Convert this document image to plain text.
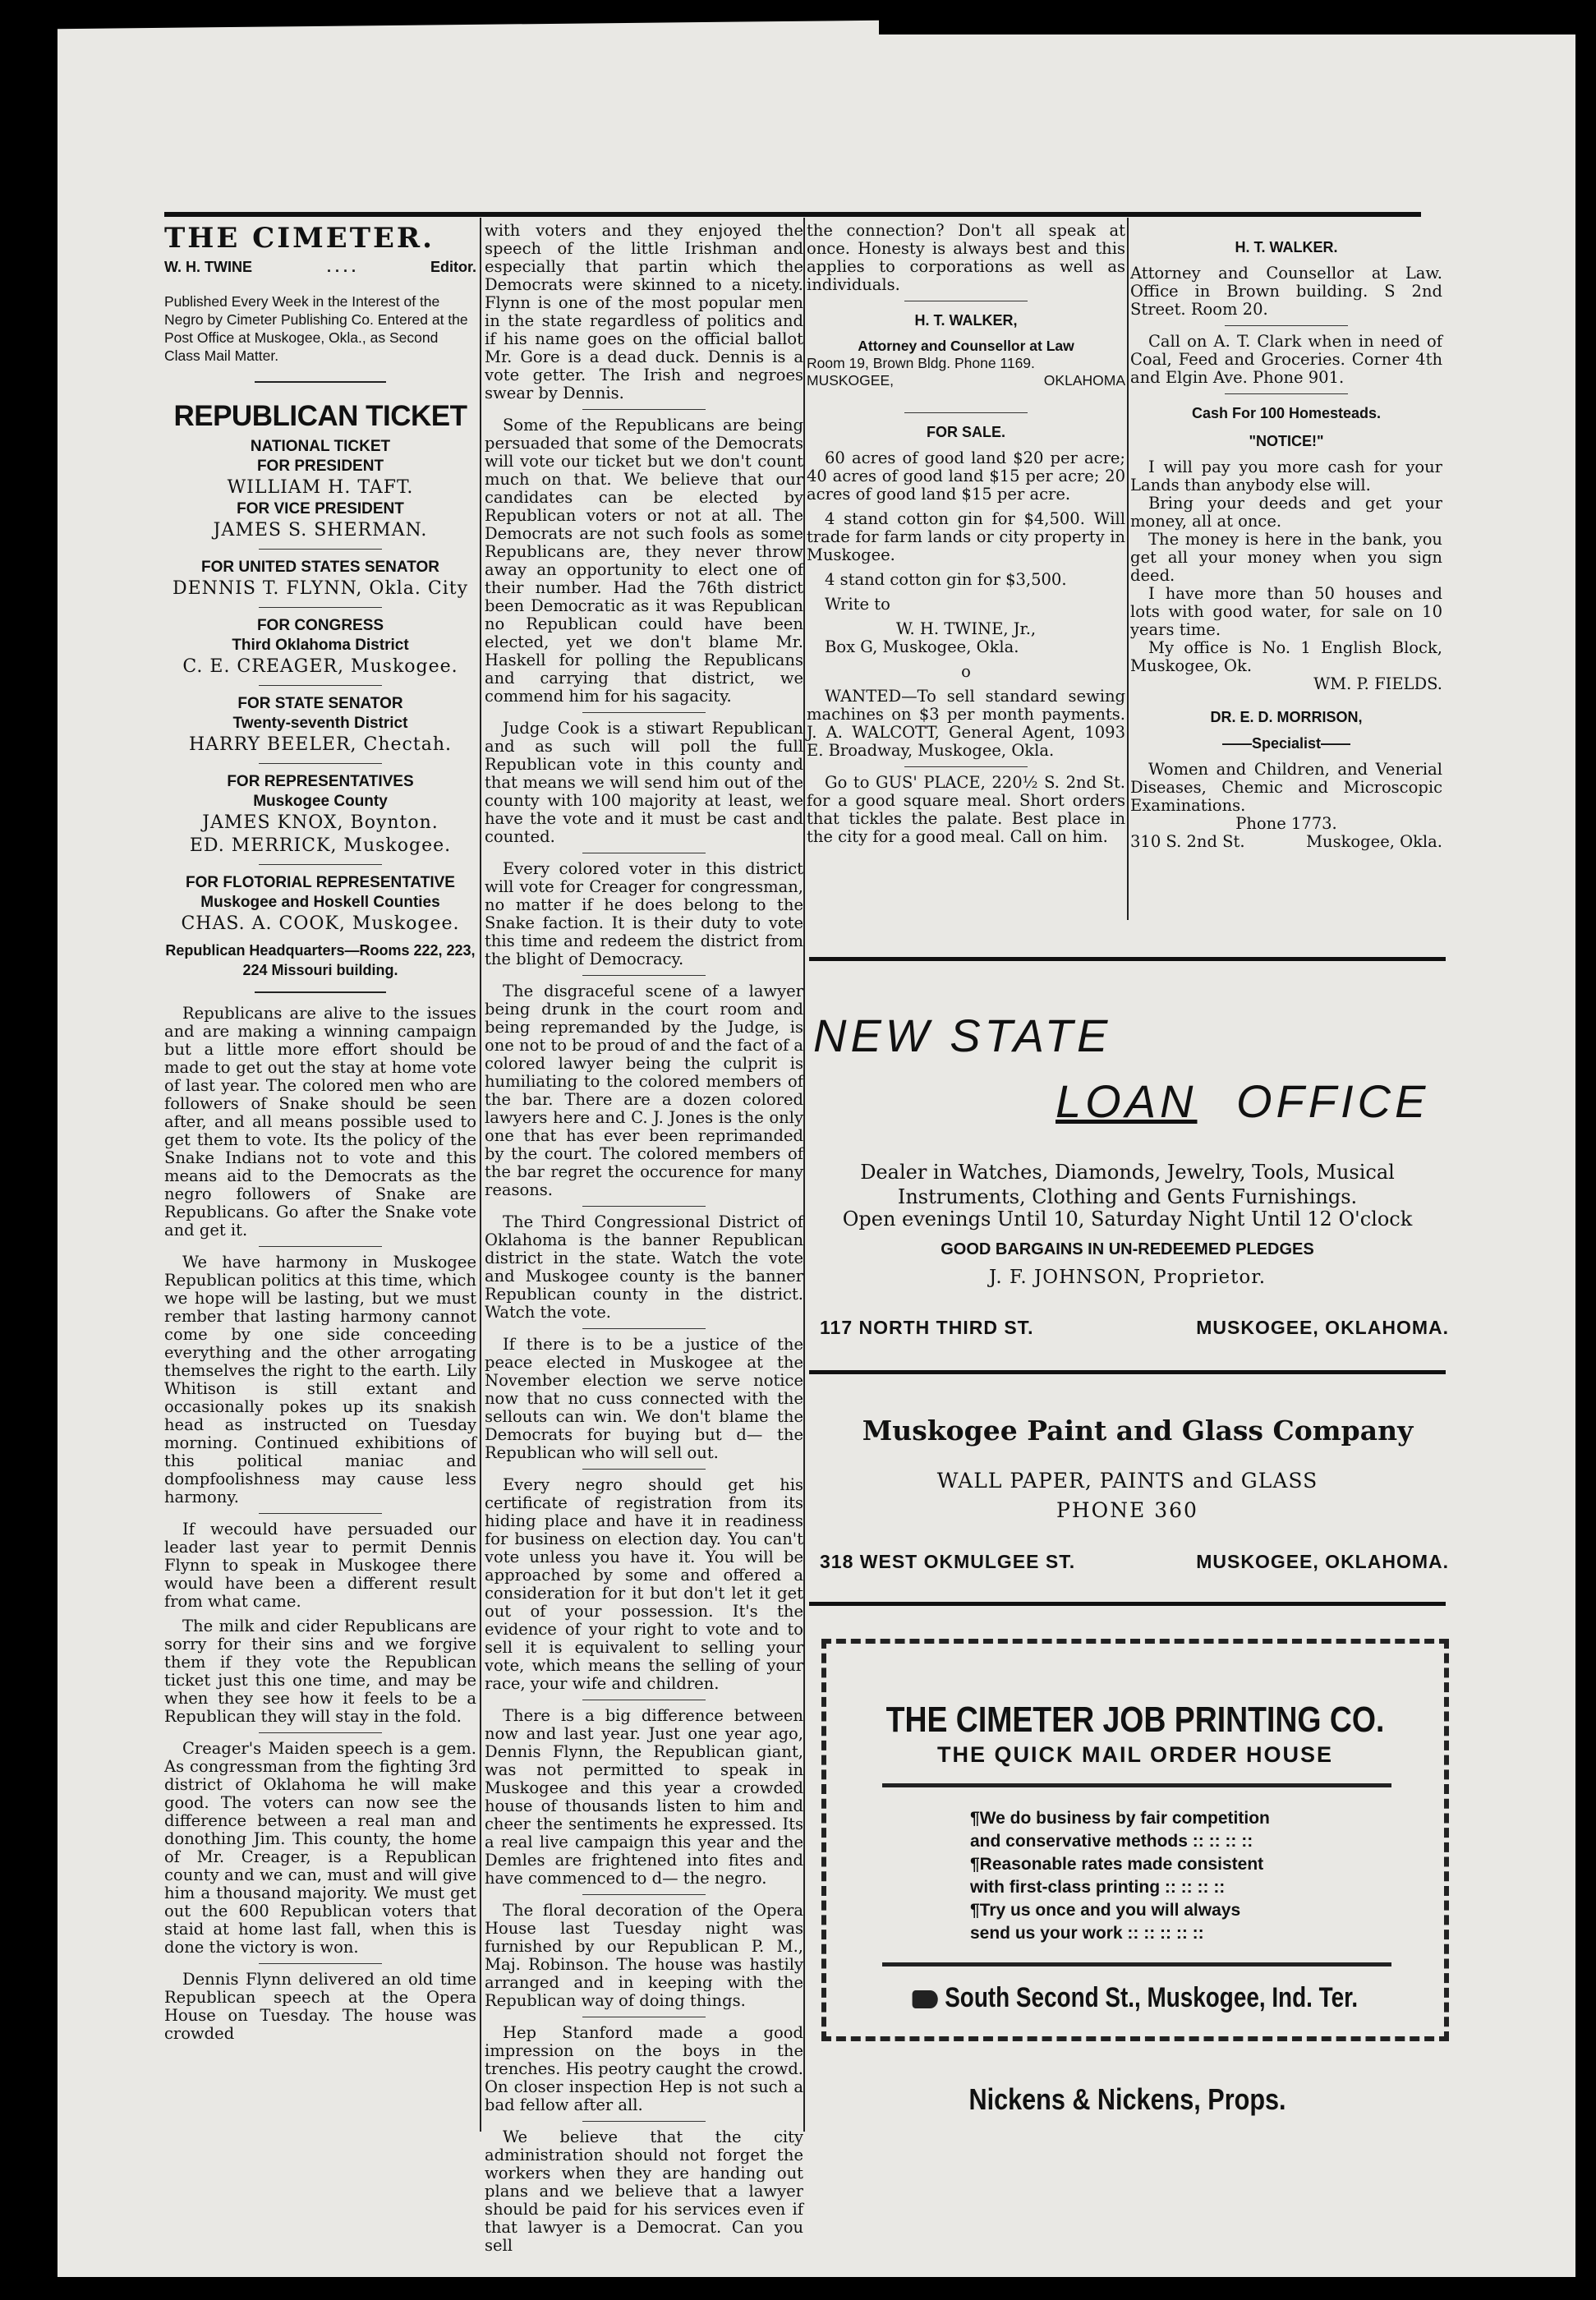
THE CIMETER.
W. H. TWINE	. . . .	Editor.
Published Every Week in the Interest of the Negro by Cimeter Publishing Co. Entered at the Post Office at Muskogee, Okla., as Second Class Mail Matter.
REPUBLICAN TICKET
NATIONAL TICKET
FOR PRESIDENT
WILLIAM H. TAFT.
FOR VICE PRESIDENT
JAMES S. SHERMAN.
FOR UNITED STATES SENATOR
DENNIS T. FLYNN, Okla. City
FOR CONGRESS
Third Oklahoma District
C. E. CREAGER, Muskogee.
FOR STATE SENATOR
Twenty-seventh District
HARRY BEELER, Chectah.
FOR REPRESENTATIVES
Muskogee County
JAMES KNOX, Boynton.
ED. MERRICK, Muskogee.
FOR FLOTORIAL REPRESENTATIVE
Muskogee and Hoskell Counties
CHAS. A. COOK, Muskogee.
Republican Headquarters—Rooms 222, 223, 224 Missouri building.

Republicans are alive to the issues and are making a winning campaign but a little more effort should be made to get out the stay at home vote of last year. The colored men who are followers of Snake should be seen after, and all means possible used to get them to vote. Its the policy of the Snake Indians not to vote and this means aid to the Democrats as the negro followers of Snake are Republicans. Go after the Snake vote and get it.

We have harmony in Muskogee Republican politics at this time, which we hope will be lasting, but we must rember that lasting harmony cannot come by one side conceeding everything and the other arrogating themselves the right to the earth. Lily Whitison is still extant and occasionally pokes up its snakish head as instructed on Tuesday morning. Continued exhibitions of this political maniac and dompfoolishness may cause less harmony.

If wecould have persuaded our leader last year to permit Dennis Flynn to speak in Muskogee there would have been a different result from what came.

The milk and cider Republicans are sorry for their sins and we forgive them if they vote the Republican ticket just this one time, and may be when they see how it feels to be a Republican they will stay in the fold.

Creager's Maiden speech is a gem. As congressman from the fighting 3rd district of Oklahoma he will make good. The voters can now see the difference between a real man and donothing Jim. This county, the home of Mr. Creager, is a Republican county and we can, must and will give him a thousand majority. We must get out the 600 Republican voters that staid at home last fall, when this is done the victory is won.

Dennis Flynn delivered an old time Republican speech at the Opera House on Tuesday. The house was crowded

with voters and they enjoyed the speech of the little Irishman and especially that partin which the Democrats were skinned to a nicety. Flynn is one of the most popular men in the state regardless of politics and if his name goes on the official ballot Mr. Gore is a dead duck. Dennis is a vote getter. The Irish and negroes swear by Dennis.

Some of the Republicans are being persuaded that some of the Democrats will vote our ticket but we don't count much on that. We believe that our candidates can be elected by Republican voters or not at all. The Democrats are not such fools as some Republicans are, they never throw away an opportunity to elect one of their number. Had the 76th district been Democratic as it was Republican no Republican could have been elected, yet we don't blame Mr. Haskell for polling the Republicans and carrying that district, we commend him for his sagacity.

Judge Cook is a stiwart Republican and as such will poll the full Republican vote in this county and that means we will send him out of the county with 100 majority at least, we have the vote and it must be cast and counted.

Every colored voter in this district will vote for Creager for congressman, no matter if he does belong to the Snake faction. It is their duty to vote this time and redeem the district from the blight of Democracy.

The disgraceful scene of a lawyer being drunk in the court room and being repremanded by the Judge, is one not to be proud of and the fact of a colored lawyer being the culprit is humiliating to the colored members of the bar. There are a dozen colored lawyers here and C. J. Jones is the only one that has ever been reprimanded by the court. The colored members of the bar regret the occurence for many reasons.

The Third Congressional District of Oklahoma is the banner Republican district in the state. Watch the vote and Muskogee county is the banner Republican county in the district. Watch the vote.

If there is to be a justice of the peace elected in Muskogee at the November election we serve notice now that no cuss connected with the sellouts can win. We don't blame the Democrats for buying but d— the Republican who will sell out.

Every negro should get his certificate of registration from its hiding place and have it in readiness for business on election day. You can't vote unless you have it. You will be approached by some and offered a consideration for it but don't let it get out of your possession. It's the evidence of your right to vote and to sell it is equivalent to selling your vote, which means the selling of your race, your wife and children.

There is a big difference between now and last year. Just one year ago, Dennis Flynn, the Republican giant, was not permitted to speak in Muskogee and this year a crowded house of thousands listen to him and cheer the sentiments he expressed. Its a real live campaign this year and the Demles are frightened into fites and have commenced to d— the negro.

The floral decoration of the Opera House last Tuesday night was furnished by our Republican P. M., Maj. Robinson. The house was hastily arranged and in keeping with the Republican way of doing things.

Hep Stanford made a good impression on the boys in the trenches. His peotry caught the crowd. On closer inspection Hep is not such a bad fellow after all.

We believe that the city administration should not forget the workers when they are handing out plans and we believe that a lawyer should be paid for his services even if that lawyer is a Democrat. Can you sell

the connection? Don't all speak at once. Honesty is always best and this applies to corporations as well as individuals.

H. T. WALKER,
Attorney and Counsellor at Law
Room 19, Brown Bldg. Phone 1169.
MUSKOGEE,	OKLAHOMA
FOR SALE.

60 acres of good land $20 per acre; 40 acres of good land $15 per acre; 20 acres of good land $15 per acre.

4 stand cotton gin for $4,500. Will trade for farm lands or city property in Muskogee.

4 stand cotton gin for $3,500.

Write to

W. H. TWINE, Jr.,

Box G, Muskogee, Okla.

o

WANTED—To sell standard sewing machines on $3 per month payments. J. A. WALCOTT, General Agent, 1093 E. Broadway, Muskogee, Okla.

Go to GUS' PLACE, 220½ S. 2nd St. for a good square meal. Short orders that tickles the palate. Best place in the city for a good meal. Call on him.

H. T. WALKER.

Attorney and Counsellor at Law. Office in Brown building. S 2nd Street. Room 20.

Call on A. T. Clark when in need of Coal, Feed and Groceries. Corner 4th and Elgin Ave. Phone 901.

Cash For 100 Homesteads.
"NOTICE!"

I will pay you more cash for your Lands than anybody else will.

Bring your deeds and get your money, all at once.

The money is here in the bank, you get all your money when you sign deed.

I have more than 50 houses and lots with good water, for sale on 10 years time.

My office is No. 1 English Block, Muskogee, Ok.

WM. P. FIELDS.
DR. E. D. MORRISON,
——Specialist——

Women and Children, and Venerial Diseases, Chemic and Microscopic Examinations.

Phone 1773.
310 S. 2nd St.	Muskogee, Okla.
NEW STATE
LOAN OFFICE
Dealer in Watches, Diamonds, Jewelry, Tools, Musical Instruments, Clothing and Gents Furnishings.
Open evenings Until 10, Saturday Night Until 12 O'clock
GOOD BARGAINS IN UN-REDEEMED PLEDGES
J. F. JOHNSON, Proprietor.
117 NORTH THIRD ST.	MUSKOGEE, OKLAHOMA.
Muskogee Paint and Glass Company
WALL PAPER, PAINTS and GLASS
PHONE 360
318 WEST OKMULGEE ST.	MUSKOGEE, OKLAHOMA.
THE CIMETER JOB PRINTING CO.
THE QUICK MAIL ORDER HOUSE
¶We do business by fair competition
and conservative methods :: :: :: ::
¶Reasonable rates made consistent
with first-class printing :: :: :: ::
¶Try us once and you will always
send us your work :: :: :: :: ::
South Second St., Muskogee, Ind. Ter.
Nickens & Nickens, Props.
